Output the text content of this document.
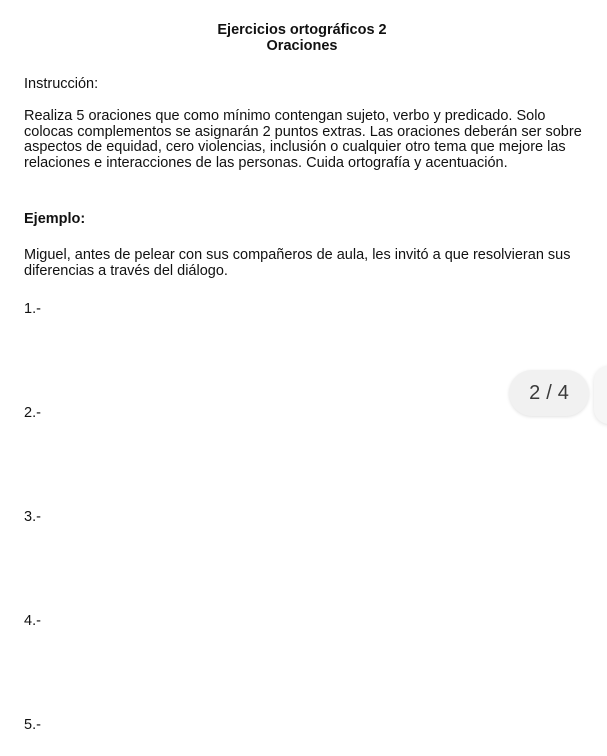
Ejercicios ortográficos 2
Oraciones
Instrucción:
Realiza 5 oraciones que como mínimo contengan sujeto, verbo y predicado. Solo colocas complementos se asignarán 2 puntos extras. Las oraciones deberán ser sobre aspectos de equidad, cero violencias, inclusión o cualquier otro tema que mejore las relaciones e interacciones de las personas. Cuida ortografía y acentuación.
Ejemplo:
Miguel, antes de pelear con sus compañeros de aula, les invitó a que resolvieran sus diferencias a través del diálogo.
1.-
2.-
3.-
4.-
5.-
2 / 4
